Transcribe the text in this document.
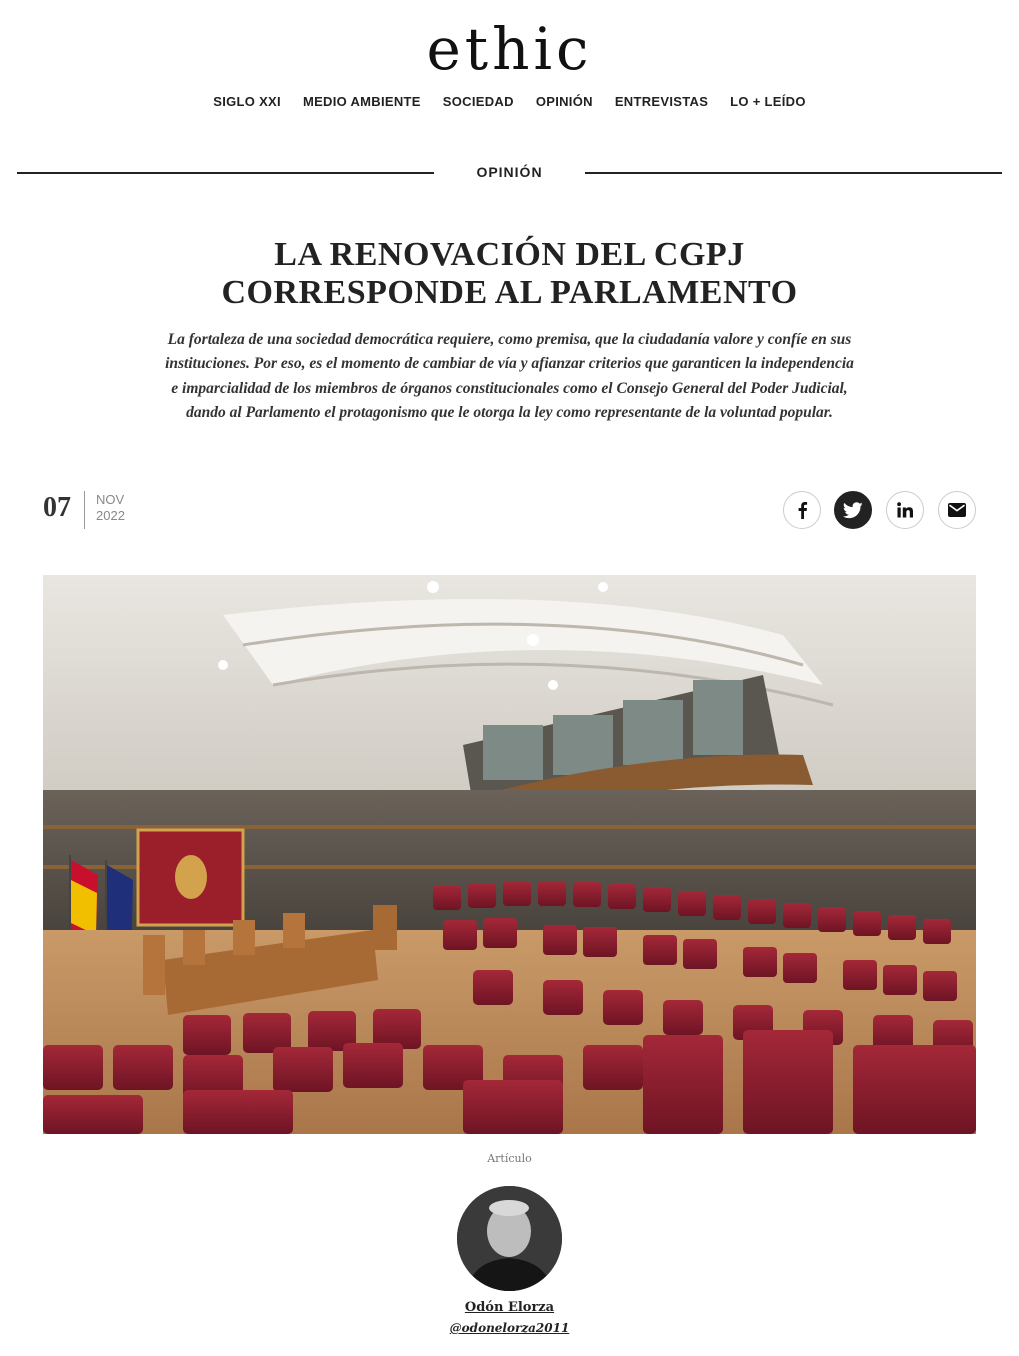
ethic
SIGLO XXI MEDIO AMBIENTE SOCIEDAD OPINIÓN ENTREVISTAS LO + LEÍDO
OPINIÓN
LA RENOVACIÓN DEL CGPJ
CORRESPONDE AL PARLAMENTO

La fortaleza de una sociedad democrática requiere, como premisa, que la ciudadanía valore y confíe en sus instituciones. Por eso, es el momento de cambiar de vía y afianzar criterios que garanticen la independencia e imparcialidad de los miembros de órganos constitucionales como el Consejo General del Poder Judicial, dando al Parlamento el protagonismo que le otorga la ley como representante de la voluntad popular.

07 NOV
2022
Artículo
Odón Elorza
@odonelorza2011
